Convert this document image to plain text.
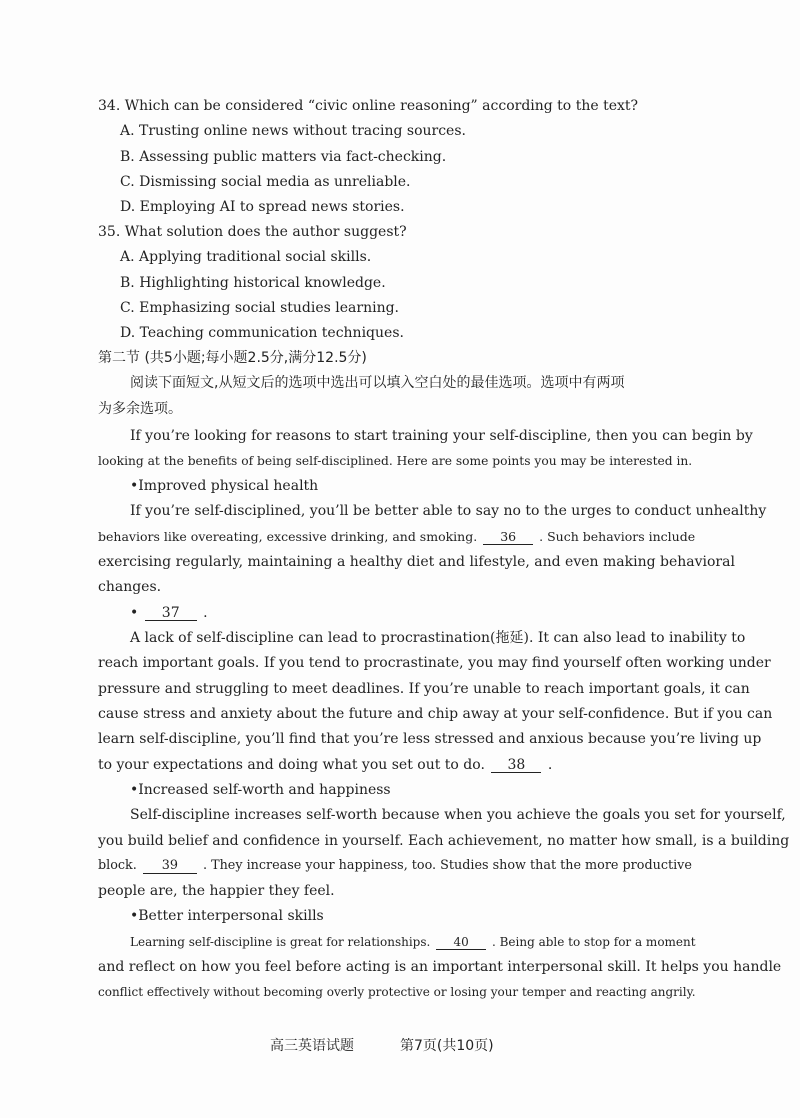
34. Which can be considered “civic online reasoning” according to the text?
A. Trusting online news without tracing sources.
B. Assessing public matters via fact-checking.
C. Dismissing social media as unreliable.
D. Employing AI to spread news stories.
35. What solution does the author suggest?
A. Applying traditional social skills.
B. Highlighting historical knowledge.
C. Emphasizing social studies learning.
D. Teaching communication techniques.
第二节 (共5小题;每小题2.5分,满分12.5分)
阅读下面短文,从短文后的选项中选出可以填入空白处的最佳选项。选项中有两项
为多余选项。
If you’re looking for reasons to start training your self-discipline, then you can begin by
looking at the benefits of being self-disciplined. Here are some points you may be interested in.
•Improved physical health
If you’re self-disciplined, you’ll be better able to say no to the urges to conduct unhealthy
behaviors like overeating, excessive drinking, and smoking. 36 . Such behaviors include
exercising regularly, maintaining a healthy diet and lifestyle, and even making behavioral
changes.
• 37 .
A lack of self-discipline can lead to procrastination(拖延). It can also lead to inability to
reach important goals. If you tend to procrastinate, you may find yourself often working under
pressure and struggling to meet deadlines. If you’re unable to reach important goals, it can
cause stress and anxiety about the future and chip away at your self-confidence. But if you can
learn self-discipline, you’ll find that you’re less stressed and anxious because you’re living up
to your expectations and doing what you set out to do. 38 .
•Increased self-worth and happiness
Self-discipline increases self-worth because when you achieve the goals you set for yourself,
you build belief and confidence in yourself. Each achievement, no matter how small, is a building
block. 39 . They increase your happiness, too. Studies show that the more productive
people are, the happier they feel.
•Better interpersonal skills
Learning self-discipline is great for relationships. 40 . Being able to stop for a moment
and reflect on how you feel before acting is an important interpersonal skill. It helps you handle
conflict effectively without becoming overly protective or losing your temper and reacting angrily.
高三英语试题	第7页(共10页)
